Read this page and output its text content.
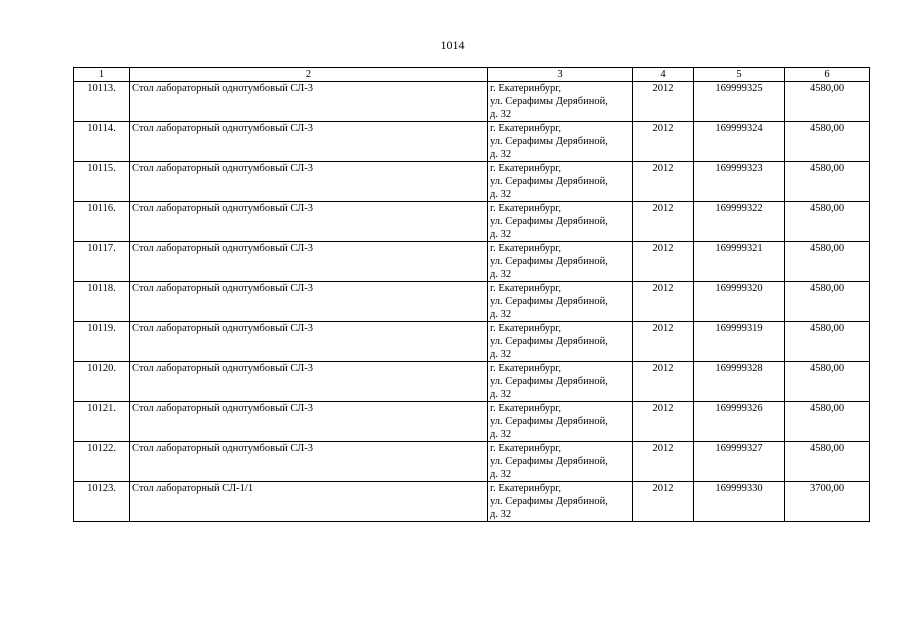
1014
1	2	3	4	5	6
10113.	Стол лабораторный однотумбовый СЛ-3	г. Екатеринбург,
ул. Серафимы Дерябиной,
д. 32	2012	169999325	4580,00
10114.	Стол лабораторный однотумбовый СЛ-3	г. Екатеринбург,
ул. Серафимы Дерябиной,
д. 32	2012	169999324	4580,00
10115.	Стол лабораторный однотумбовый СЛ-3	г. Екатеринбург,
ул. Серафимы Дерябиной,
д. 32	2012	169999323	4580,00
10116.	Стол лабораторный однотумбовый СЛ-3	г. Екатеринбург,
ул. Серафимы Дерябиной,
д. 32	2012	169999322	4580,00
10117.	Стол лабораторный однотумбовый СЛ-3	г. Екатеринбург,
ул. Серафимы Дерябиной,
д. 32	2012	169999321	4580,00
10118.	Стол лабораторный однотумбовый СЛ-3	г. Екатеринбург,
ул. Серафимы Дерябиной,
д. 32	2012	169999320	4580,00
10119.	Стол лабораторный однотумбовый СЛ-3	г. Екатеринбург,
ул. Серафимы Дерябиной,
д. 32	2012	169999319	4580,00
10120.	Стол лабораторный однотумбовый СЛ-3	г. Екатеринбург,
ул. Серафимы Дерябиной,
д. 32	2012	169999328	4580,00
10121.	Стол лабораторный однотумбовый СЛ-3	г. Екатеринбург,
ул. Серафимы Дерябиной,
д. 32	2012	169999326	4580,00
10122.	Стол лабораторный однотумбовый СЛ-3	г. Екатеринбург,
ул. Серафимы Дерябиной,
д. 32	2012	169999327	4580,00
10123.	Стол лабораторный СЛ-1/1	г. Екатеринбург,
ул. Серафимы Дерябиной,
д. 32	2012	169999330	3700,00
